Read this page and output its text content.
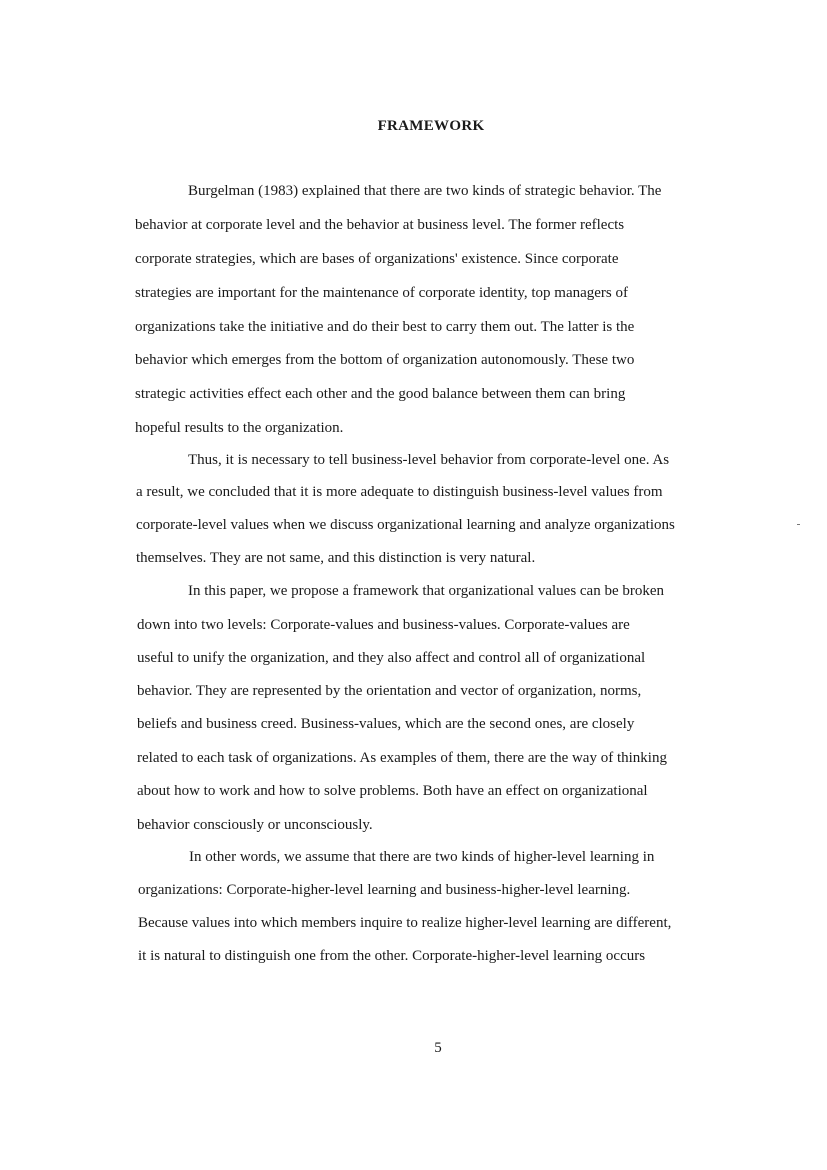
FRAMEWORK
Burgelman (1983) explained that there are two kinds of strategic behavior. The
behavior at corporate level and the behavior at business level. The former reflects
corporate strategies, which are bases of organizations' existence. Since corporate
strategies are important for the maintenance of corporate identity, top managers of
organizations take the initiative and do their best to carry them out. The latter is the
behavior which emerges from the bottom of organization autonomously. These two
strategic activities effect each other and the good balance between them can bring
hopeful results to the organization.
Thus, it is necessary to tell business-level behavior from corporate-level one. As
a result, we concluded that it is more adequate to distinguish business-level values from
corporate-level values when we discuss organizational learning and analyze organizations
themselves. They are not same, and this distinction is very natural.
In this paper, we propose a framework that organizational values can be broken
down into two levels: Corporate-values and business-values. Corporate-values are
useful to unify the organization, and they also affect and control all of organizational
behavior. They are represented by the orientation and vector of organization, norms,
beliefs and business creed. Business-values, which are the second ones, are closely
related to each task of organizations. As examples of them, there are the way of thinking
about how to work and how to solve problems. Both have an effect on organizational
behavior consciously or unconsciously.
In other words, we assume that there are two kinds of higher-level learning in
organizations: Corporate-higher-level learning and business-higher-level learning.
Because values into which members inquire to realize higher-level learning are different,
it is natural to distinguish one from the other. Corporate-higher-level learning occurs
5
